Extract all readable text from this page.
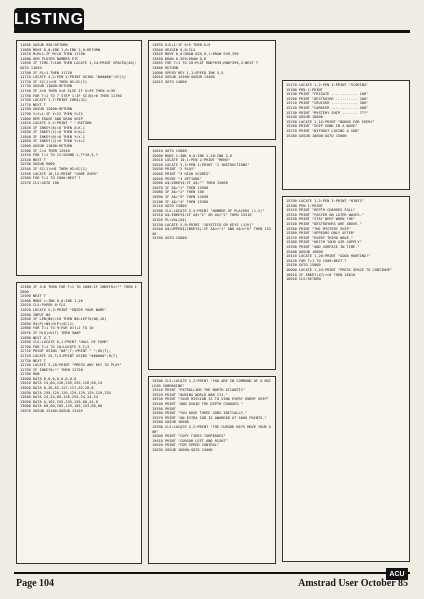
LISTING
11650 GOSUB 950:RETURN
11660 MOVE 0,0:INK 1,0:INK 2,0:RETURN
11670 M=M+1:IF M>10 THEN 11700
11680 REM PLAYER NUMBER ETC
11690 IF TIME-T>100 THEN LOCATE 1,24:PRINT SPACE$(40):GOTO 11650
11700 IF PL=1 THEN 11720
11710 LOCATE 4,2:PEN 2:PRINT USING "######";SC(1)
11720 IF SC(1)>HI THEN HI=SC(1)
11730 GOSUB 11800:RETURN
11740 IF X<0 THEN X=0 ELSE IF X>39 THEN X=39
11750 FOR T=1 TO 7 STEP 1:IF SC(N)>0 THEN 11780
11760 LOCATE 1,T:PRINT CHR$(32)
11770 NEXT T
11780 GOSUB 12000:RETURN
11790 Y=Y+1:IF Y>22 THEN Y=22
11800 REM ERASE AND DRAW SHIP
11810 LOCATE X,Y:PRINT " ":RETURN
11820 IF INKEY(8)=0 THEN X=X-1
11830 IF INKEY(1)=0 THEN X=X+1
11840 IF INKEY(0)=0 THEN Y=Y-1
11850 IF INKEY(2)=0 THEN Y=Y+1
11860 GOSUB 11800:RETURN
12500 IF C<4 THEN 12540
12510 FOR T=1 TO 12:SOUND 1,T*10,5,7
12520 NEXT T
12530 GOSUB 9600
12540 IF SC(1)>HI THEN HI=SC(1)
12550 LOCATE 10,12:PRINT "GAME OVER"
12560 FOR T=1 TO 2000:NEXT T
12570 CLS:GOTO 100
12580 IF Z=0 THEN FOR T=1 TO 2000:IF INKEY$<>"" THEN 12600
12590 NEXT T
12600 MODE 1:INK 0,0:INK 1,26
12610 CLS:PAPER 0:CLS
12620 LOCATE 5,2:PRINT "ENTER YOUR NAME"
12630 INPUT N$
12640 IF LEN(N$)>10 THEN N$=LEFT$(N$,10)
12650 H$(P)=N$:H(P)=SC(1)
12660 FOR T=1 TO 9:FOR U=T+1 TO 10
12670 IF H(U)>H(T) THEN SWAP
12680 NEXT U,T
12690 CLS:LOCATE 8,1:PRINT "HALL OF FAME"
12700 FOR T=1 TO 10:LOCATE 5,T+3
12710 PRINT USING "##";T;:PRINT " ";H$(T);
12720 LOCATE 25,T+3:PRINT USING "######";H(T)
12730 NEXT T
12740 LOCATE 3,18:PRINT "PRESS ANY KEY TO PLAY"
12750 IF INKEY$="" THEN 12750
12760 RUN
13000 DATA 0,0,0,0,0,0,0,0
13010 DATA 24,60,126,255,255,126,60,24
13020 DATA 8,28,62,127,127,62,28,8
13030 DATA 255,129,129,129,129,129,129,255
13040 DATA 24,24,60,126,255,24,24,24
13050 DATA 0,102,255,255,126,60,24,0
13060 DATA 60,66,165,129,165,153,66,60
13070 GOSUB 13100:GOSUB 13165
13835 E=E+1:IF E>5 THEN E=5
13840 ORIGIN 0,0:CLG
13845 MOVE 0,0:DRAW 639,0,1:DRAW 639,399
13850 DRAW 0,399:DRAW 0,0
13855 FOR T=1 TO 20:PLOT RND*639,RND*399,2:NEXT T
13860 RETURN
14000 SPEED KEY 1,1:SPEED INK 5,5
14010 GOSUB 14300:GOSUB 14400
14015 GOTO 14600
14010 GOTO 15000
15000 MODE 1:INK 0,0:INK 1,26:INK 2,6
15010 LOCATE 10,1:PEN 2:PRINT "MENU"
15020 LOCATE 3,3:PEN 1:PRINT "1 INSTRUCTIONS"
15030 PRINT "2 PLAY"
15040 PRINT "3 HIGH SCORES"
15050 PRINT "4 OPTIONS"
15060 A$=INKEY$:IF A$="" THEN 15060
15070 IF A$="1" THEN 15500
15080 IF A$="2" THEN 100
15090 IF A$="3" THEN 12690
15100 IF A$="4" THEN 15300
15110 GOTO 15060
15300 CLS:LOCATE 5,5:PRINT "NUMBER OF PLAYERS (1-2)"
15310 A$=INKEY$:IF A$<"1" OR A$>"2" THEN 15310
15320 PL=VAL(A$)
15330 LOCATE 5,8:PRINT "JOYSTICK OR KEYS (J/K)"
15340 A$=UPPER$(INKEY$):IF A$<>"J" AND A$<>"K" THEN 15340
15350 GOTO 15000
15500 CLS:LOCATE 2,2:PRINT "YOU ARE IN COMMAND OF A NUCLEAR SUBMARINE"
15510 PRINT "PATROLLING THE NORTH ATLANTIC"
15520 PRINT "DURING WORLD WAR III."
15530 PRINT "YOUR MISSION IS TO SINK EVERY ENEMY SHIP"
15540 PRINT "AND AVOID THE DEPTH CHARGES."
15550 PRINT
15560 PRINT "YOU HAVE THREE SUBS INITIALLY,"
15570 PRINT "AN EXTRA SUB IS AWARDED AT 5000 POINTS."
15580 GOSUB 16000
15590 CLS:LOCATE 2,2:PRINT "THE CURSOR KEYS MOVE YOUR SUB"
15600 PRINT "COPY FIRES TORPEDOES"
15610 PRINT "CURSOR LEFT AND RIGHT"
15620 PRINT "FOR SPEED CONTROL"
15630 GOSUB 16000:GOTO 15000
15170 LOCATE 1,2:PEN 2:PRINT "SCORING"
15180 PEN 1:PRINT
15190 PRINT "FRIGATE ............ 100"
15200 PRINT "DESTROYER .......... 200"
15210 PRINT "CRUISER ............ 300"
15220 PRINT "CARRIER ............ 500"
15230 PRINT "MYSTERY SHIP ....... ???"
15240 GOSUB 16000
15250 LOCATE 1,15:PRINT "BONUS FOR EVERY"
15260 PRINT "SHIP SUNK IN A WAVE"
15270 PRINT "WITHOUT LOSING A SUB"
15280 GOSUB 16000:GOTO 15000
15290 LOCATE 1,2:PEN 2:PRINT "HINTS"
15300 PEN 1:PRINT
15310 PRINT "DEPTH CHARGES FALL"
15320 PRINT "FASTER ON LATER WAVES."
15330 PRINT "STAY DEEP WHEN THE"
15340 PRINT "DESTROYERS ARE ABOVE."
15350 PRINT "THE MYSTERY SHIP"
15360 PRINT "APPEARS ONLY AFTER"
15370 PRINT "EVERY THIRD WAVE."
15380 PRINT "WATCH YOUR AIR SUPPLY"
15390 PRINT "AND SURFACE IN TIME."
15400 GOSUB 16000
15410 LOCATE 1,20:PRINT "GOOD HUNTING!"
15420 FOR T=1 TO 1500:NEXT T
15430 GOTO 15000
16000 LOCATE 1,24:PRINT "PRESS SPACE TO CONTINUE"
16010 IF INKEY(47)<>0 THEN 16010
16020 CLS:RETURN
ACU
Page 104	Amstrad User October 85
